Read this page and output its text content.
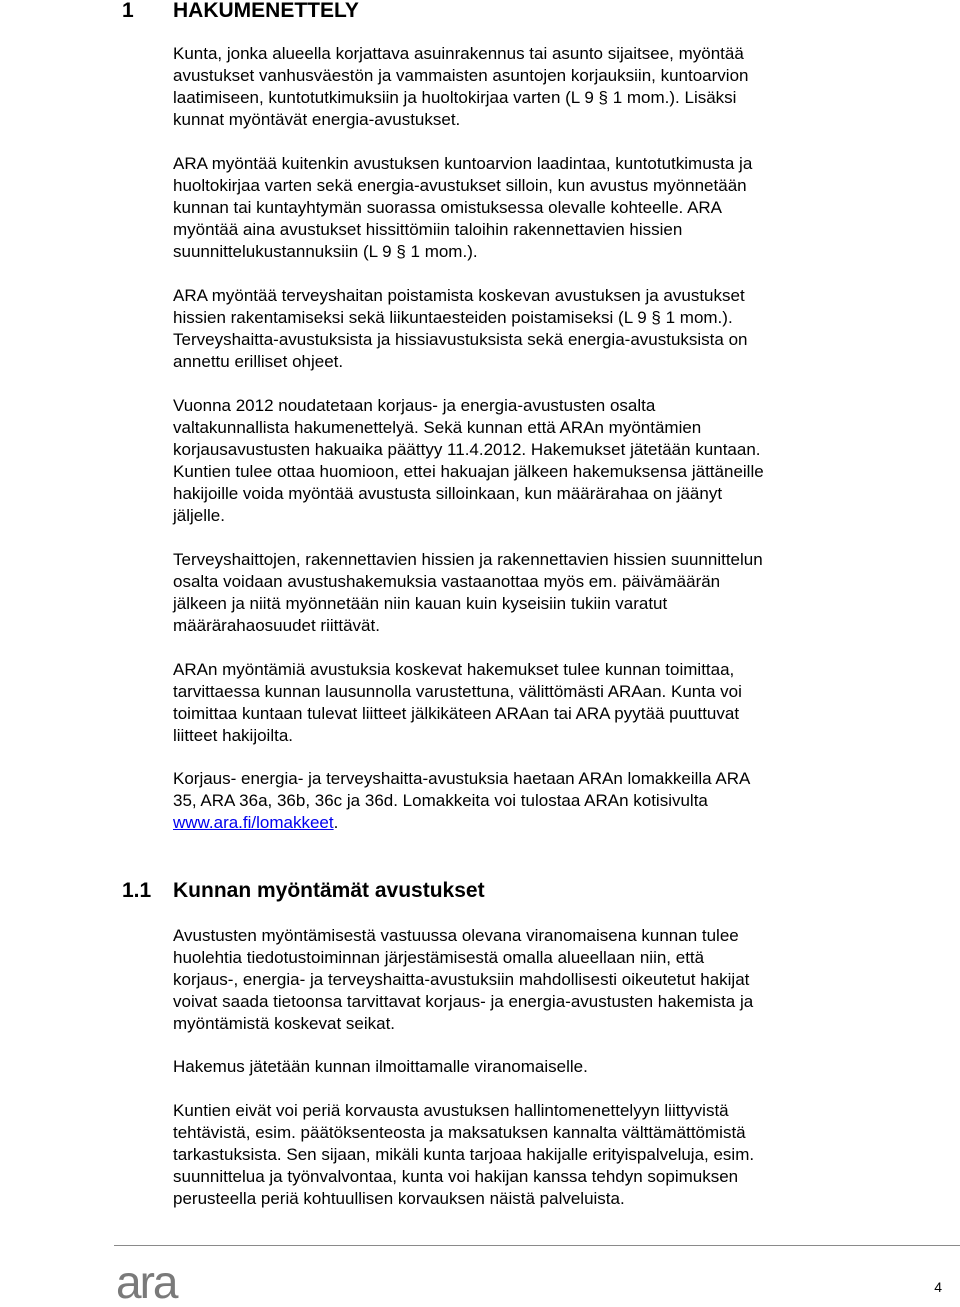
1 HAKUMENETTELY

Kunta, jonka alueella korjattava asuinrakennus tai asunto sijaitsee, myöntää

avustukset vanhusväestön ja vammaisten asuntojen korjauksiin, kuntoarvion

laatimiseen, kuntotutkimuksiin ja huoltokirjaa varten (L 9 § 1 mom.). Lisäksi

kunnat myöntävät energia-avustukset.

ARA myöntää kuitenkin avustuksen kuntoarvion laadintaa, kuntotutkimusta ja

huoltokirjaa varten sekä energia-avustukset silloin, kun avustus myönnetään

kunnan tai kuntayhtymän suorassa omistuksessa olevalle kohteelle. ARA

myöntää aina avustukset hissittömiin taloihin rakennettavien hissien

suunnittelukustannuksiin (L 9 § 1 mom.).

ARA myöntää terveyshaitan poistamista koskevan avustuksen ja avustukset

hissien rakentamiseksi sekä liikuntaesteiden poistamiseksi (L 9 § 1 mom.).

Terveyshaitta-avustuksista ja hissiavustuksista sekä energia-avustuksista on

annettu erilliset ohjeet.

Vuonna 2012 noudatetaan korjaus- ja energia-avustusten osalta

valtakunnallista hakumenettelyä. Sekä kunnan että ARAn myöntämien

korjausavustusten hakuaika päättyy 11.4.2012. Hakemukset jätetään kuntaan.

Kuntien tulee ottaa huomioon, ettei hakuajan jälkeen hakemuksensa jättäneille

hakijoille voida myöntää avustusta silloinkaan, kun määrärahaa on jäänyt

jäljelle.

Terveyshaittojen, rakennettavien hissien ja rakennettavien hissien suunnittelun

osalta voidaan avustushakemuksia vastaanottaa myös em. päivämäärän

jälkeen ja niitä myönnetään niin kauan kuin kyseisiin tukiin varatut

määrärahaosuudet riittävät.

ARAn myöntämiä avustuksia koskevat hakemukset tulee kunnan toimittaa,

tarvittaessa kunnan lausunnolla varustettuna, välittömästi ARAan. Kunta voi

toimittaa kuntaan tulevat liitteet jälkikäteen ARAan tai ARA pyytää puuttuvat

liitteet hakijoilta.

Korjaus- energia- ja terveyshaitta-avustuksia haetaan ARAn lomakkeilla ARA

35, ARA 36a, 36b, 36c ja 36d. Lomakkeita voi tulostaa ARAn kotisivulta

www.ara.fi/lomakkeet.

1.1 Kunnan myöntämät avustukset

Avustusten myöntämisestä vastuussa olevana viranomaisena kunnan tulee

huolehtia tiedotustoiminnan järjestämisestä omalla alueellaan niin, että

korjaus-, energia- ja terveyshaitta-avustuksiin mahdollisesti oikeutetut hakijat

voivat saada tietoonsa tarvittavat korjaus- ja energia-avustusten hakemista ja

myöntämistä koskevat seikat.

Hakemus jätetään kunnan ilmoittamalle viranomaiselle.

Kuntien eivät voi periä korvausta avustuksen hallintomenettelyyn liittyvistä

tehtävistä, esim. päätöksenteosta ja maksatuksen kannalta välttämättömistä

tarkastuksista. Sen sijaan, mikäli kunta tarjoaa hakijalle erityispalveluja, esim.

suunnittelua ja työnvalvontaa, kunta voi hakijan kanssa tehdyn sopimuksen

perusteella periä kohtuullisen korvauksen näistä palveluista.

ara	4
